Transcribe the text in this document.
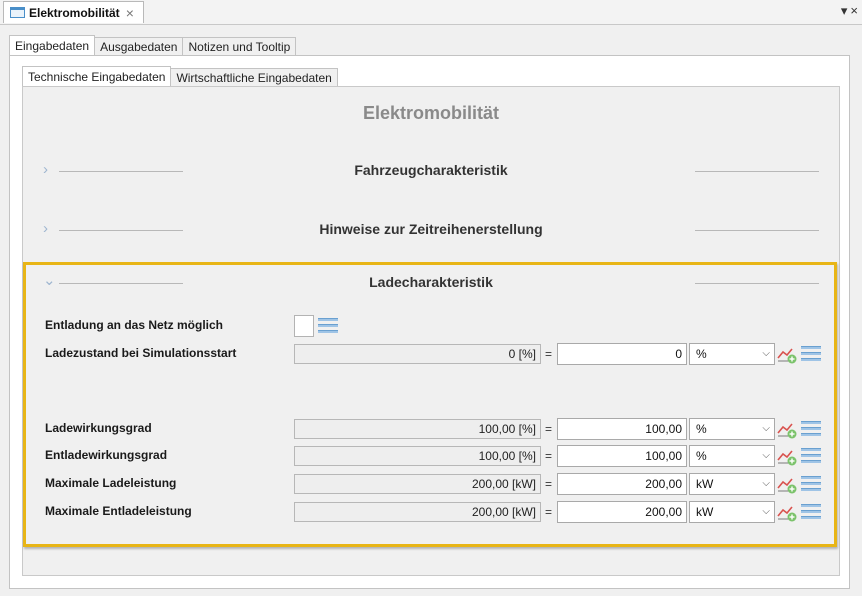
Elektromobilität ×	▾ ×
Eingabedaten Ausgabedaten Notizen und Tooltip
Technische Eingabedaten Wirtschaftliche Eingabedaten
Elektromobilität
›	Fahrzeugcharakteristik
›	Hinweise zur Zeitreihenerstellung
⌄	Ladecharakteristik
Entladung an das Netz möglich
Ladezustand bei Simulationsstart	0 [%] =	0	%	⌵
Ladewirkungsgrad	100,00 [%] =	100,00	%	⌵
Entladewirkungsgrad	100,00 [%] =	100,00	%	⌵
Maximale Ladeleistung	200,00 [kW] =	200,00	kW	⌵
Maximale Entladeleistung	200,00 [kW] =	200,00	kW	⌵
